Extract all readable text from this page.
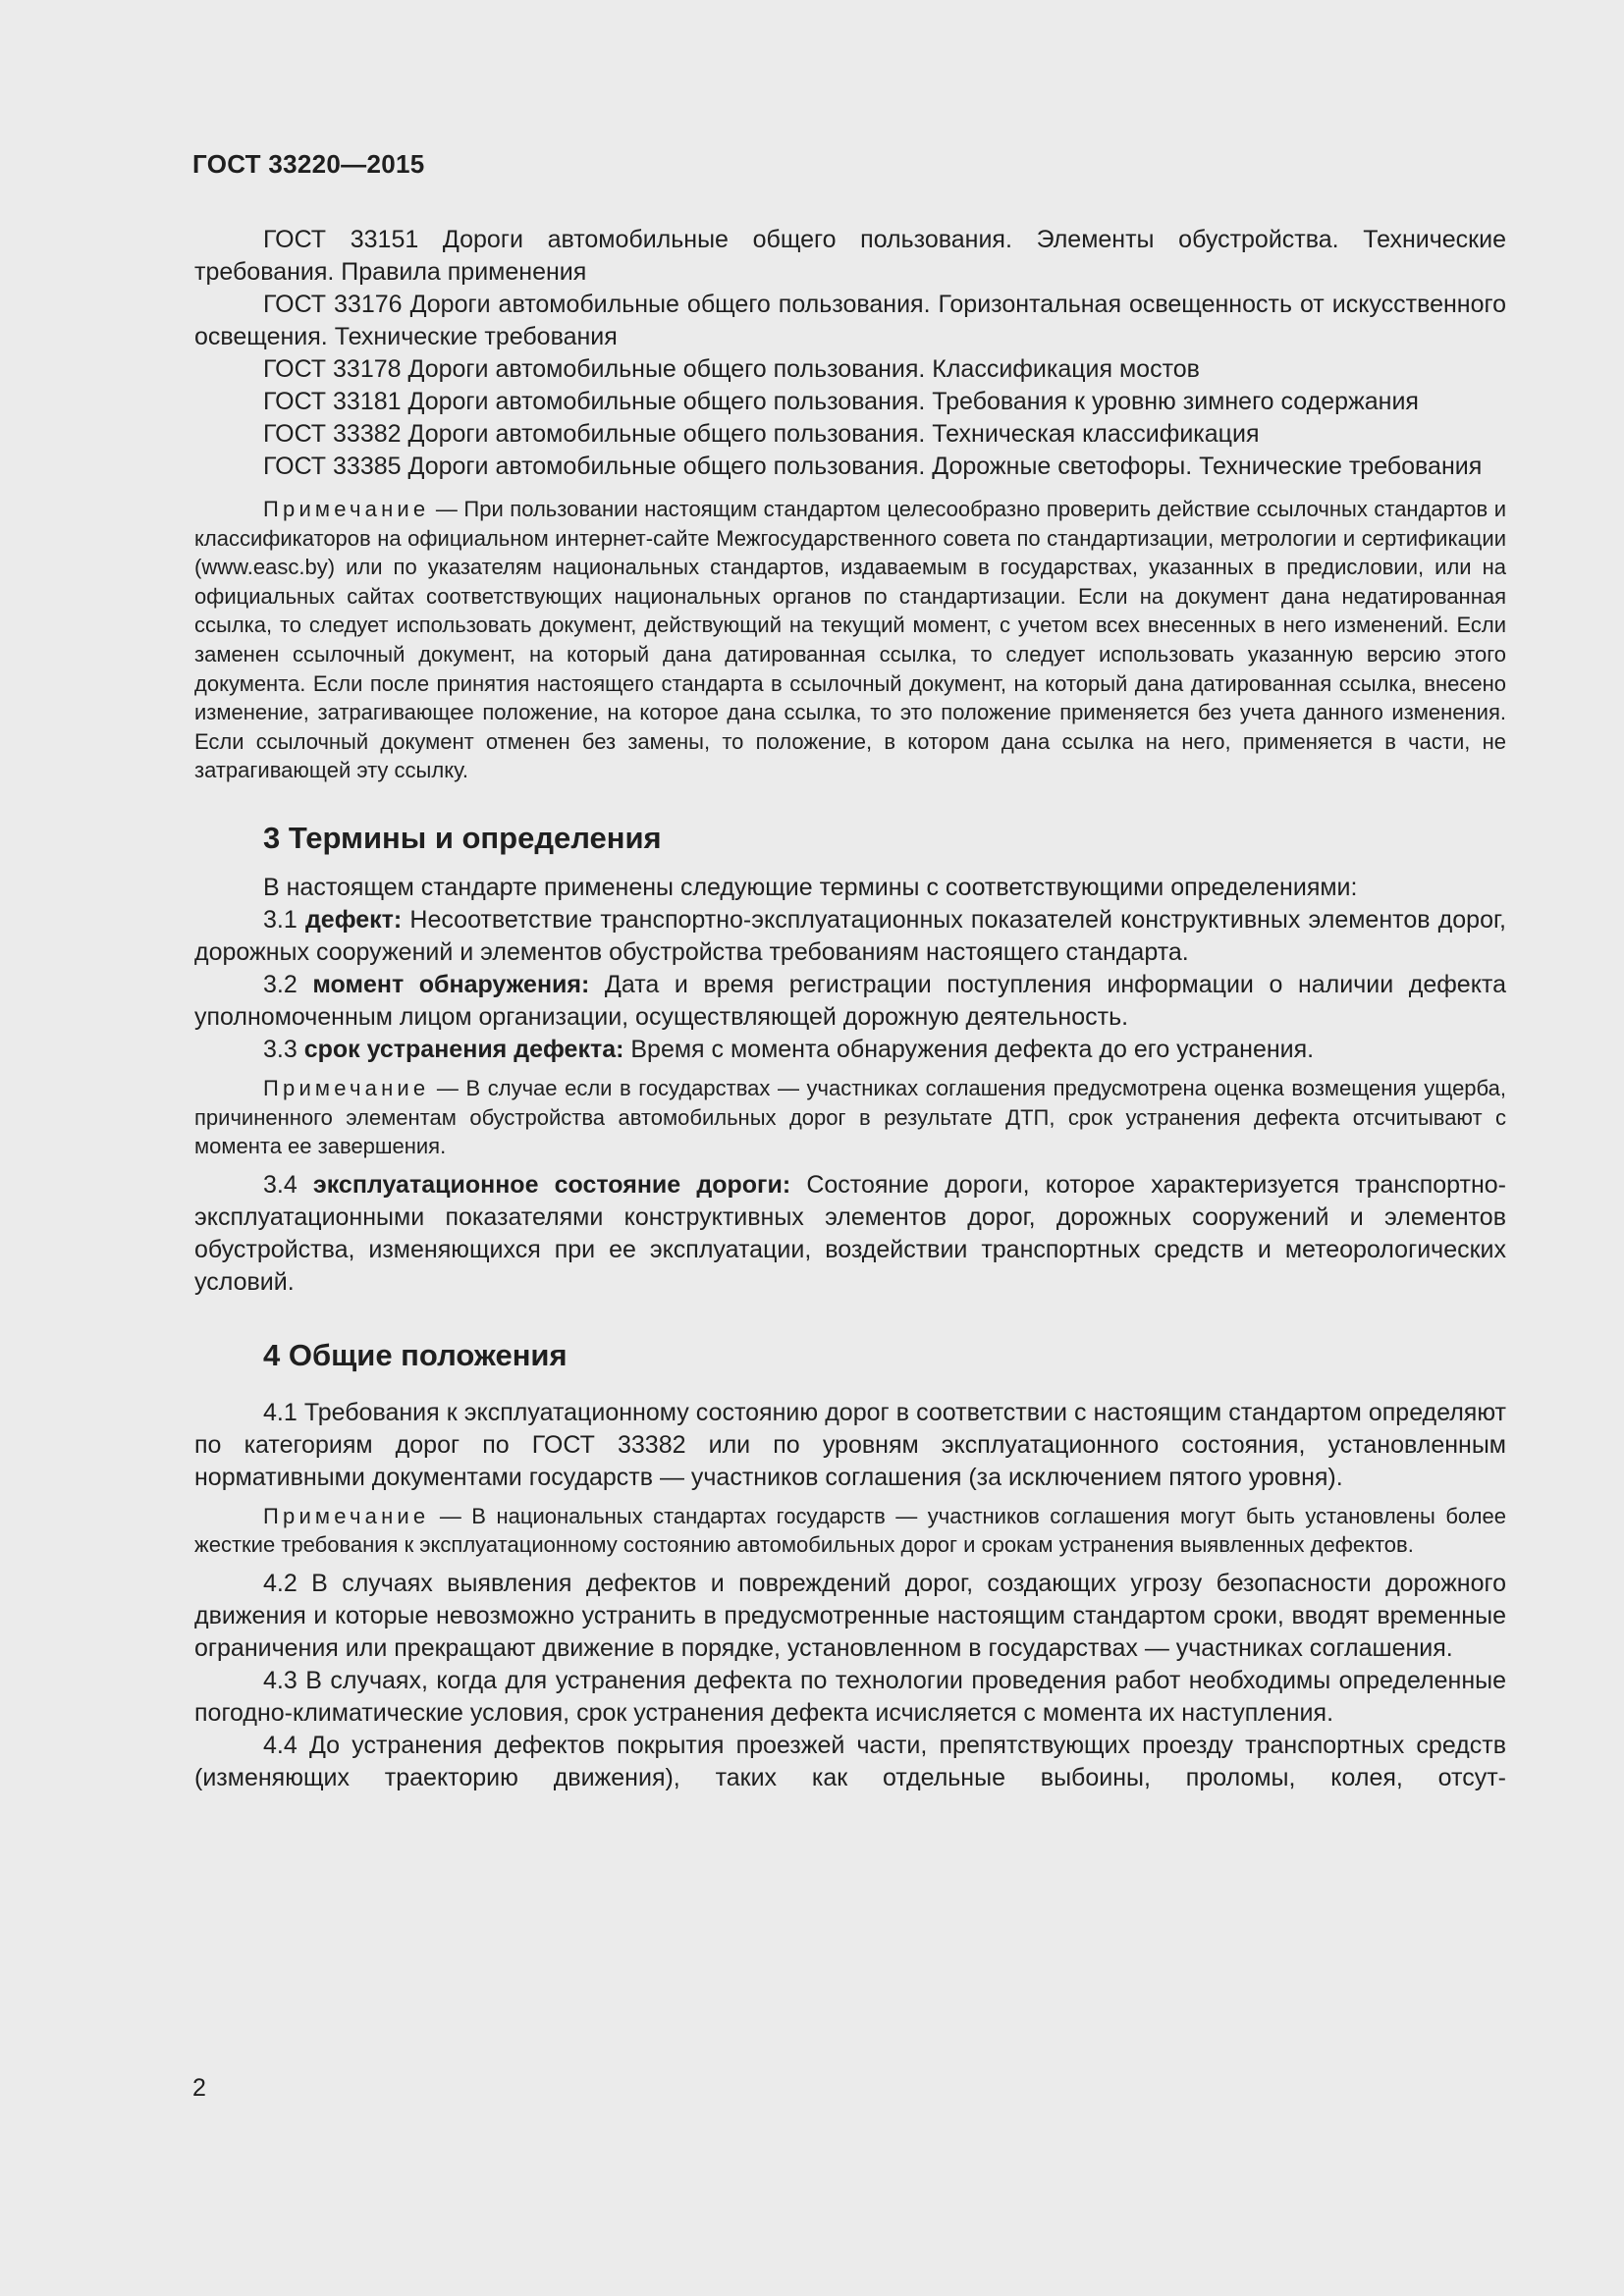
ГОСТ 33220—2015

ГОСТ 33151 Дороги автомобильные общего пользования. Элементы обустройства. Технические требования. Правила применения

ГОСТ 33176 Дороги автомобильные общего пользования. Горизонтальная освещенность от искусственного освещения. Технические требования

ГОСТ 33178 Дороги автомобильные общего пользования. Классификация мостов

ГОСТ 33181 Дороги автомобильные общего пользования. Требования к уровню зимнего содержания

ГОСТ 33382 Дороги автомобильные общего пользования. Техническая классификация

ГОСТ 33385 Дороги автомобильные общего пользования. Дорожные светофоры. Технические требования

Примечание — При пользовании настоящим стандартом целесообразно проверить действие ссылочных стандартов и классификаторов на официальном интернет-сайте Межгосударственного совета по стандартизации, метрологии и сертификации (www.easc.by) или по указателям национальных стандартов, издаваемым в государствах, указанных в предисловии, или на официальных сайтах соответствующих национальных органов по стандартизации. Если на документ дана недатированная ссылка, то следует использовать документ, действующий на текущий момент, с учетом всех внесенных в него изменений. Если заменен ссылочный документ, на который дана датированная ссылка, то следует использовать указанную версию этого документа. Если после принятия настоящего стандарта в ссылочный документ, на который дана датированная ссылка, внесено изменение, затрагивающее положение, на которое дана ссылка, то это положение применяется без учета данного изменения. Если ссылочный документ отменен без замены, то положение, в котором дана ссылка на него, применяется в части, не затрагивающей эту ссылку.

3 Термины и определения

В настоящем стандарте применены следующие термины с соответствующими определениями:

3.1 дефект: Несоответствие транспортно-эксплуатационных показателей конструктивных элементов дорог, дорожных сооружений и элементов обустройства требованиям настоящего стандарта.

3.2 момент обнаружения: Дата и время регистрации поступления информации о наличии дефекта уполномоченным лицом организации, осуществляющей дорожную деятельность.

3.3 срок устранения дефекта: Время с момента обнаружения дефекта до его устранения.

Примечание — В случае если в государствах — участниках соглашения предусмотрена оценка возмещения ущерба, причиненного элементам обустройства автомобильных дорог в результате ДТП, срок устранения дефекта отсчитывают с момента ее завершения.

3.4 эксплуатационное состояние дороги: Состояние дороги, которое характеризуется транспортно-эксплуатационными показателями конструктивных элементов дорог, дорожных сооружений и элементов обустройства, изменяющихся при ее эксплуатации, воздействии транспортных средств и метеорологических условий.

4 Общие положения

4.1 Требования к эксплуатационному состоянию дорог в соответствии с настоящим стандартом определяют по категориям дорог по ГОСТ 33382 или по уровням эксплуатационного состояния, установленным нормативными документами государств — участников соглашения (за исключением пятого уровня).

Примечание — В национальных стандартах государств — участников соглашения могут быть установлены более жесткие требования к эксплуатационному состоянию автомобильных дорог и срокам устранения выявленных дефектов.

4.2 В случаях выявления дефектов и повреждений дорог, создающих угрозу безопасности дорожного движения и которые невозможно устранить в предусмотренные настоящим стандартом сроки, вводят временные ограничения или прекращают движение в порядке, установленном в государствах — участниках соглашения.

4.3 В случаях, когда для устранения дефекта по технологии проведения работ необходимы определенные погодно-климатические условия, срок устранения дефекта исчисляется с момента их наступления.

4.4 До устранения дефектов покрытия проезжей части, препятствующих проезду транспортных средств (изменяющих траекторию движения), таких как отдельные выбоины, проломы, колея, отсут-

2
